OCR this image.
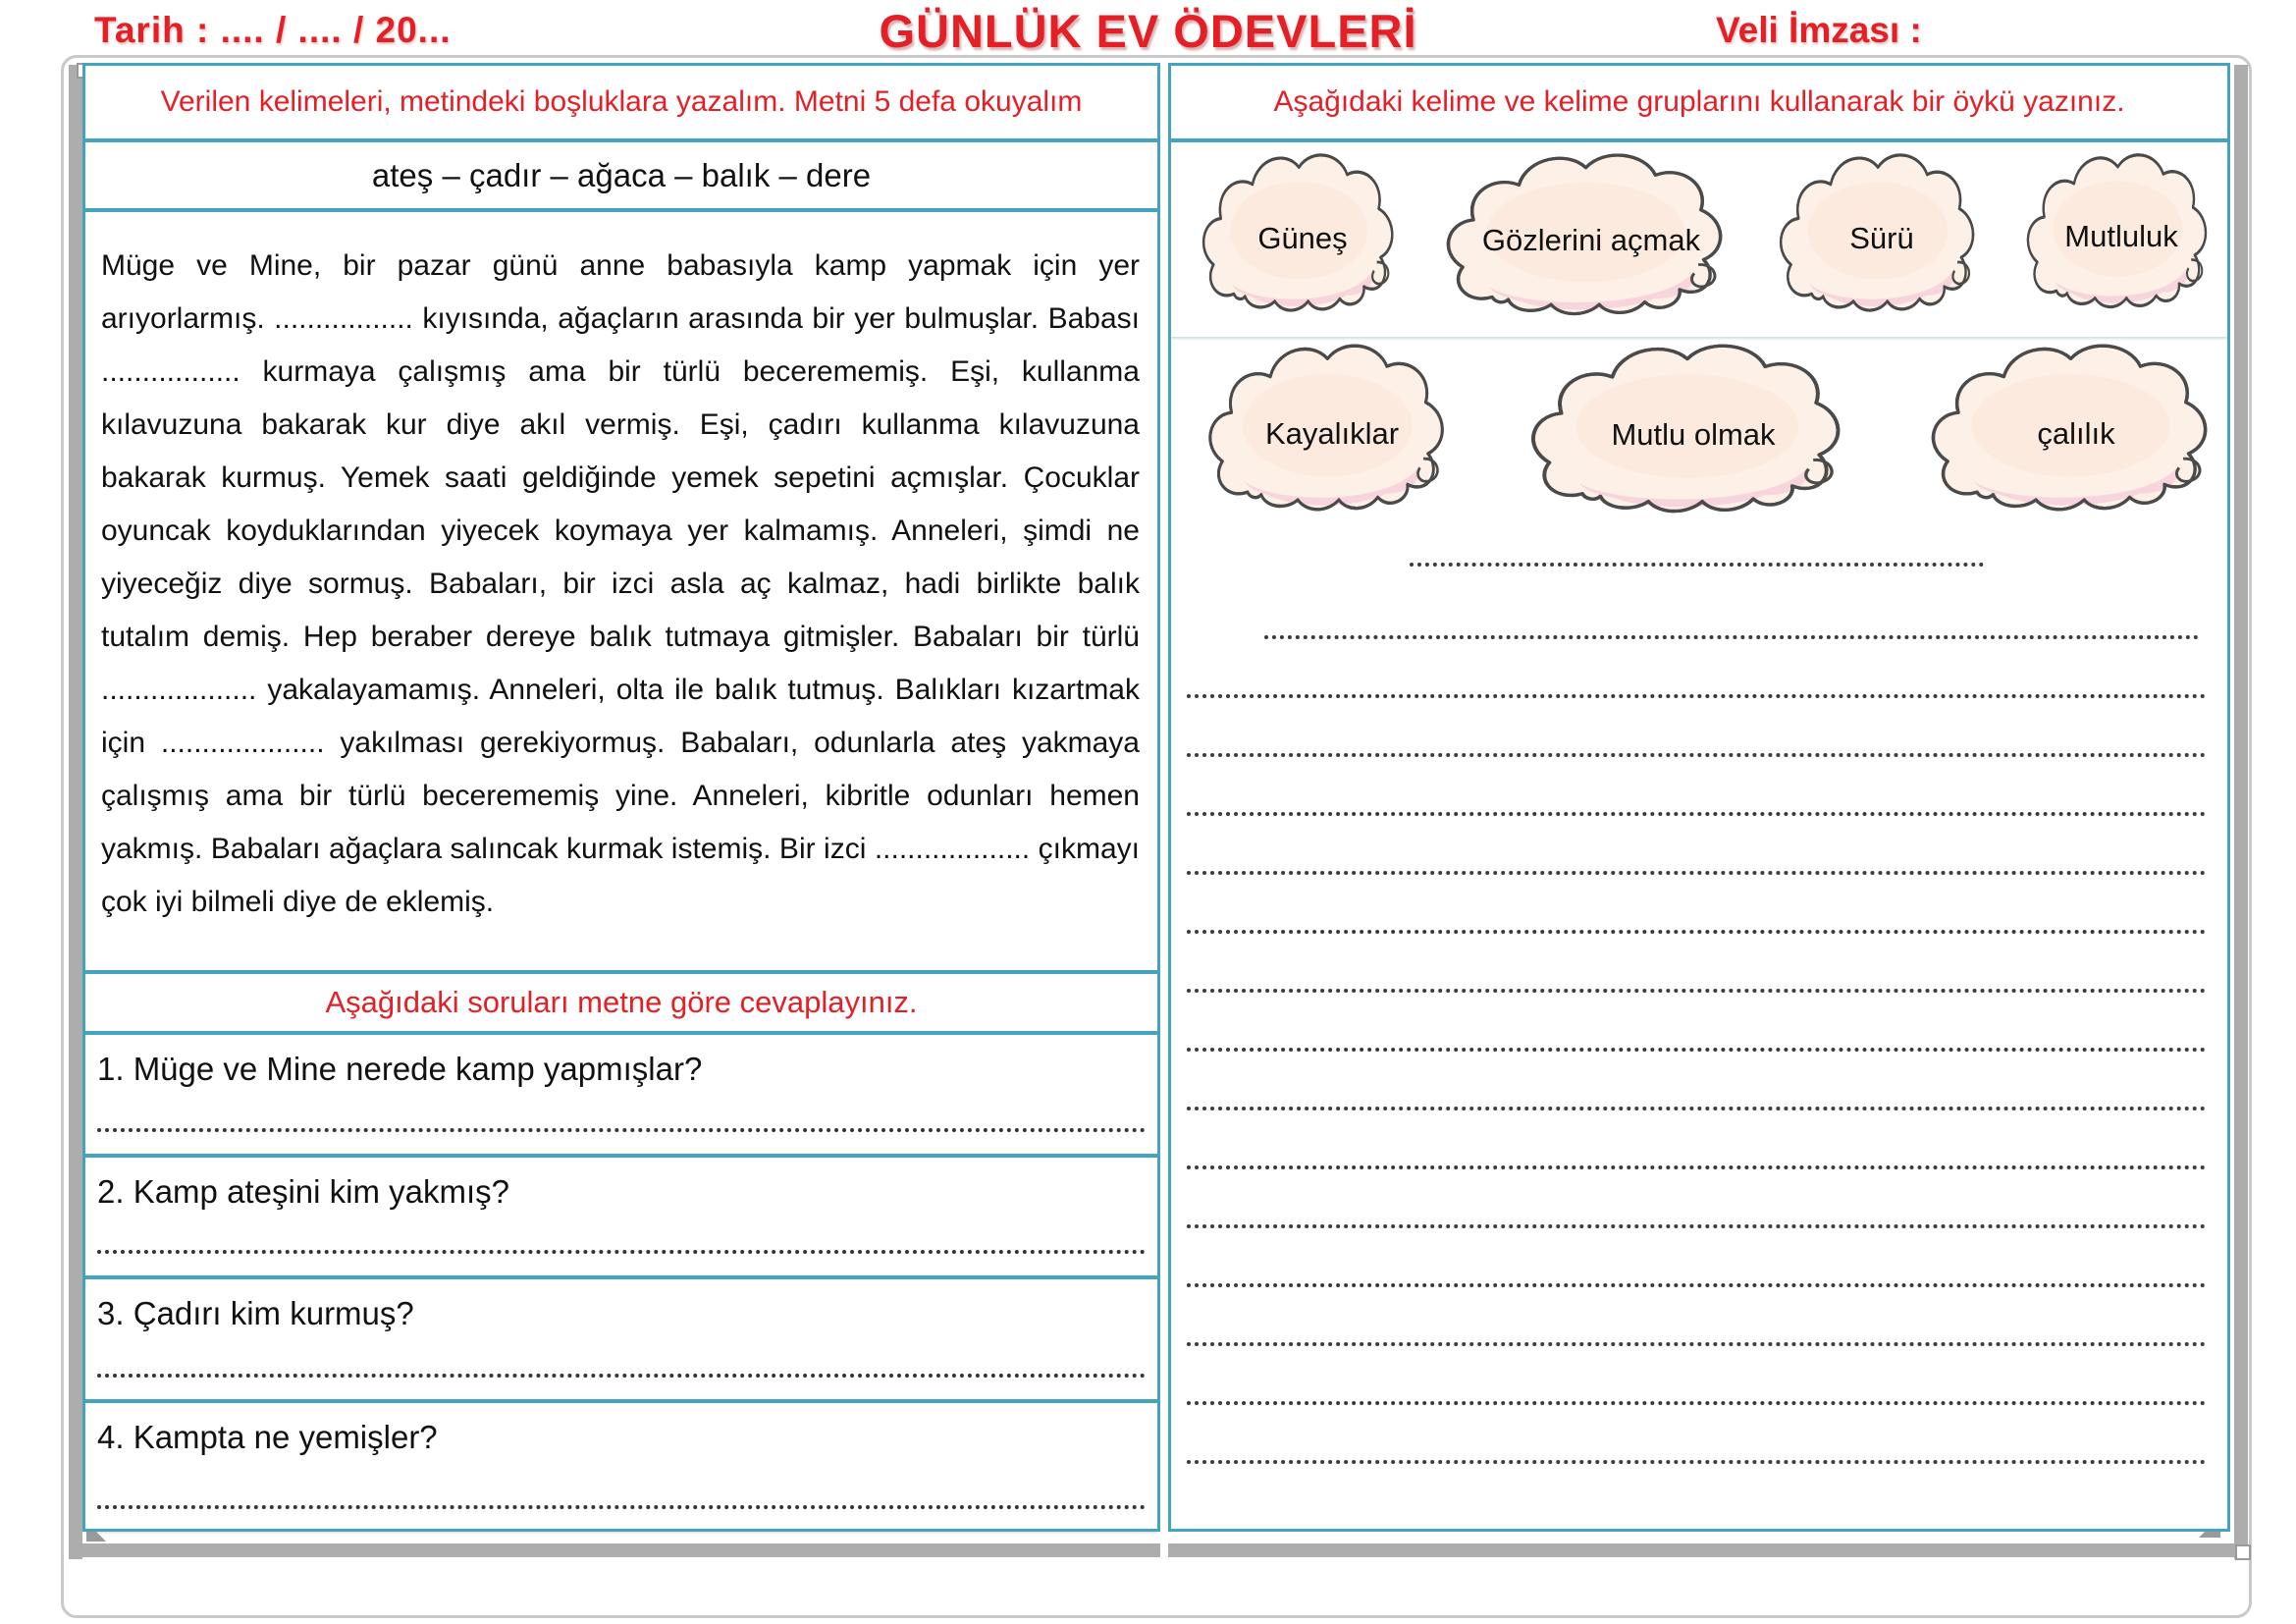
Tarih : .... / .... / 20...	GÜNLÜK EV ÖDEVLERİ	Veli İmzası :
Verilen kelimeleri, metindeki boşluklara yazalım. Metni 5 defa okuyalım
ateş – çadır – ağaca – balık – dere
Müge ve Mine, bir pazar günü anne babasıyla kamp yapmak için yer arıyorlarmış. ................. kıyısında, ağaçların arasında bir yer bulmuşlar. Babası ................. kurmaya çalışmış ama bir türlü becerememiş. Eşi, kullanma kılavuzuna bakarak kur diye akıl vermiş. Eşi, çadırı kullanma kılavuzuna bakarak kurmuş. Yemek saati geldiğinde yemek sepetini açmışlar. Çocuklar oyuncak koyduklarından yiyecek koymaya yer kalmamış. Anneleri, şimdi ne yiyeceğiz diye sormuş. Babaları, bir izci asla aç kalmaz, hadi birlikte balık tutalım demiş. Hep beraber dereye balık tutmaya gitmişler. Babaları bir türlü ................... yakalayamamış. Anneleri, olta ile balık tutmuş. Balıkları kızartmak için .................... yakılması gerekiyormuş. Babaları, odunlarla ateş yakmaya çalışmış ama bir türlü becerememiş yine. Anneleri, kibritle odunları hemen yakmış. Babaları ağaçlara salıncak kurmak istemiş. Bir izci ................... çıkmayı çok iyi bilmeli diye de eklemiş.
Aşağıdaki soruları metne göre cevaplayınız.
1. Müge ve Mine nerede kamp yapmışlar?
2. Kamp ateşini kim yakmış?
3. Çadırı kim kurmuş?
4. Kampta ne yemişler?
Aşağıdaki kelime ve kelime gruplarını kullanarak bir öykü yazınız.
Güneş	Gözlerini açmak	Sürü	Mutluluk
Kayalıklar	Mutlu olmak	çalılık
